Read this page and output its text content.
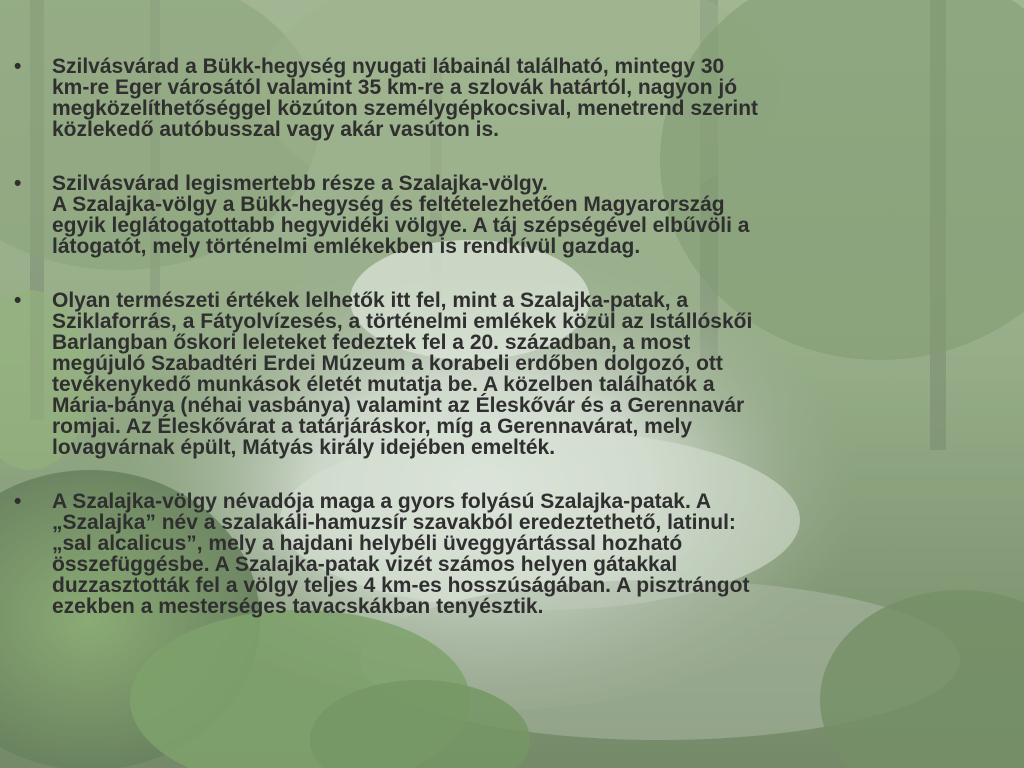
•	Szilvásvárad a Bükk-hegység nyugati lábainál található, mintegy 30
km-re Eger városától valamint 35 km-re a szlovák határtól, nagyon jó
megközelíthetőséggel közúton személygépkocsival, menetrend szerint
közlekedő autóbusszal vagy akár vasúton is.
•	Szilvásvárad legismertebb része a Szalajka-völgy.
A Szalajka-völgy a Bükk-hegység és feltételezhetően Magyarország
egyik leglátogatottabb hegyvidéki völgye. A táj szépségével elbűvöli a
látogatót, mely történelmi emlékekben is rendkívül gazdag.
•	Olyan természeti értékek lelhetők itt fel, mint a Szalajka-patak, a
Sziklaforrás, a Fátyolvízesés, a történelmi emlékek közül az Istállóskői
Barlangban őskori leleteket fedeztek fel a 20. században, a most
megújuló Szabadtéri Erdei Múzeum a korabeli erdőben dolgozó, ott
tevékenykedő munkások életét mutatja be. A közelben találhatók a
Mária-bánya (néhai vasbánya) valamint az Éleskővár és a Gerennavár
romjai. Az Éleskővárat a tatárjáráskor, míg a Gerennavárat, mely
lovagvárnak épült, Mátyás király idejében emelték.
•	A Szalajka-völgy névadója maga a gyors folyású Szalajka-patak. A
„Szalajka” név a szalakáli-hamuzsír szavakból eredeztethető, latinul:
„sal alcalicus”, mely a hajdani helybéli üveggyártással hozható
összefüggésbe. A Szalajka-patak vizét számos helyen gátakkal
duzzasztották fel a völgy teljes 4 km-es hosszúságában. A pisztrángot
ezekben a mesterséges tavacskákban tenyésztik.
